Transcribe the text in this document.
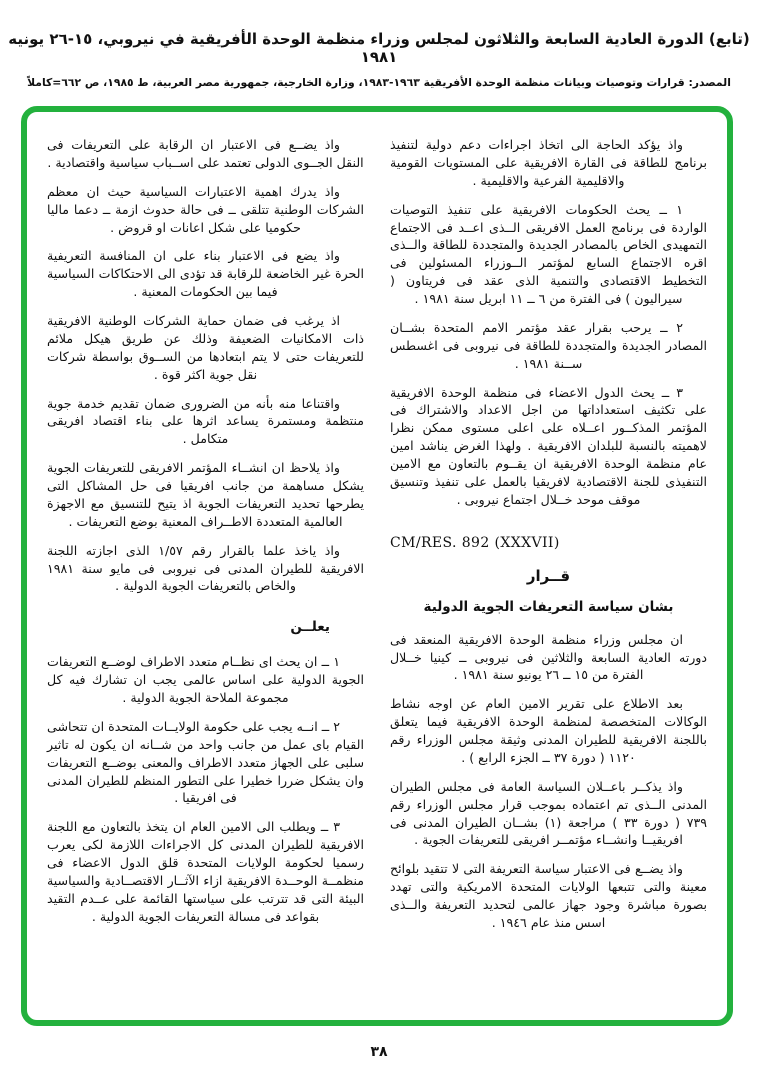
(تابع) الدورة العادية السابعة والثلاثون لمجلس وزراء منظمة الوحدة الأفريقية في نيروبي، ١٥-٢٦ يونيه ١٩٨١
المصدر: قرارات وتوصيات وبيانات منظمة الوحدة الأفريقية ١٩٦٣-١٩٨٣، وزارة الخارجية، جمهورية مصر العربية، ط ١٩٨٥، ص ٦٦٢=كاملاً

واذ يؤكد الحاجة الى اتخاذ اجراءات دعم دولية لتنفيذ برنامج للطاقة فى القارة الافريقية على المستويات القومية والاقليمية الفرعية والاقليمية .

١ ــ يحث الحكومات الافريقية على تنفيذ التوصيات الواردة فى برنامج العمل الافريقى الــذى اعــد فى الاجتماع التمهيدى الخاص بالمصادر الجديدة والمتجددة للطاقة والــذى اقره الاجتماع السابع لمؤتمر الــوزراء المسئولين فى التخطيط الاقتصادى والتنمية الذى عقد فى فريتاون ( سيراليون ) فى الفترة من ٦ ــ ١١ ابريل سنة ١٩٨١ .

٢ ــ يرحب بقرار عقد مؤتمر الامم المتحدة بشــان المصادر الجديدة والمتجددة للطاقة فى نيروبى فى اغسطس ســنة ١٩٨١ .

٣ ــ يحث الدول الاعضاء فى منظمة الوحدة الافريقية على تكثيف استعداداتها من اجل الاعداد والاشتراك فى المؤتمر المذكــور اعــلاه على اعلى مستوى ممكن نظرا لاهميته بالنسبة للبلدان الافريقية . ولهذا الغرض يناشد امين عام منظمة الوحدة الافريقية ان يقــوم بالتعاون مع الامين التنفيذى للجنة الاقتصادية لافريقيا بالعمل على تنفيذ وتنسيق موقف موحد خــلال اجتماع نيروبى .

CM/RES. 892 (XXXVII)
قــرار
بشان سياسة التعريفات الجوية الدولية

ان مجلس وزراء منظمة الوحدة الافريقية المنعقد فى دورته العادية السابعة والثلاثين فى نيروبى ــ كينيا خــلال الفترة من ١٥ ــ ٢٦ يونيو سنة ١٩٨١ .

بعد الاطلاع على تقرير الامين العام عن اوجه نشاط الوكالات المتخصصة لمنظمة الوحدة الافريقية فيما يتعلق باللجنة الافريقية للطيران المدنى وثيقة مجلس الوزراء رقم ١١٢٠ ( دورة ٣٧ ــ الجزء الرابع ) .

واذ يذكــر باعــلان السياسة العامة فى مجلس الطيران المدنى الــذى تم اعتماده بموجب قرار مجلس الوزراء رقم ٧٣٩ ( دورة ٣٣ ) مراجعة (١) بشــان الطيران المدنى فى افريقيــا وانشــاء مؤتمــر افريقى للتعريفات الجوية .

واذ يضــع فى الاعتبار سياسة التعريفة التى لا تتقيد بلوائح معينة والتى تتبعها الولايات المتحدة الامريكية والتى تهدد بصورة مباشرة وجود جهاز عالمى لتحديد التعريفة والــذى اسس منذ عام ١٩٤٦ .

واذ يضــع فى الاعتبار ان الرقابة على التعريفات فى النقل الجــوى الدولى تعتمد على اســباب سياسية واقتصادية .

واذ يدرك اهمية الاعتبارات السياسية حيث ان معظم الشركات الوطنية تتلقى ــ فى حالة حدوث ازمة ــ دعما ماليا حكوميا على شكل اعانات او قروض .

واذ يضع فى الاعتبار بناء على ان المنافسة التعريفية الحرة غير الخاضعة للرقابة قد تؤدى الى الاحتكاكات السياسية فيما بين الحكومات المعنية .

اذ يرغب فى ضمان حماية الشركات الوطنية الافريقية ذات الامكانيات الضعيفة وذلك عن طريق هيكل ملائم للتعريفات حتى لا يتم ابتعادها من الســوق بواسطة شركات نقل جوية اكثر قوة .

واقتناعا منه بأنه من الضرورى ضمان تقديم خدمة جوية منتظمة ومستمرة يساعد اثرها على بناء اقتصاد افريقى متكامل .

واذ يلاحظ ان انشــاء المؤتمر الافريقى للتعريفات الجوية يشكل مساهمة من جانب افريقيا فى حل المشاكل التى يطرحها تحديد التعريفات الجوية اذ يتيح للتنسيق مع الاجهزة العالمية المتعددة الاطــراف المعنية بوضع التعريفات .

واذ ياخذ علما بالقرار رقم ١/٥٧ الذى اجازته اللجنة الافريقية للطيران المدنى فى نيروبى فى مايو سنة ١٩٨١ والخاص بالتعريفات الجوية الدولية .

يعلــن

١ ــ ان يحث اى نظــام متعدد الاطراف لوضــع التعريفات الجوية الدولية على اساس عالمى يجب ان تشارك فيه كل مجموعة الملاحة الجوية الدولية .

٢ ــ انــه يجب على حكومة الولايــات المتحدة ان تتحاشى القيام باى عمل من جانب واحد من شــانه ان يكون له تاثير سلبى على الجهاز متعدد الاطراف والمعنى بوضــع التعريفات وان يشكل ضررا خطيرا على التطور المنظم للطيران المدنى فى افريقيا .

٣ ــ ويطلب الى الامين العام ان يتخذ بالتعاون مع اللجنة الافريقية للطيران المدنى كل الاجراءات اللازمة لكى يعرب رسميا لحكومة الولايات المتحدة قلق الدول الاعضاء فى منظمــة الوحــدة الافريقية ازاء الآثــار الاقتصــادية والسياسية البيئة التى قد تترتب على سياستها القائمة على عــدم التقيد بقواعد فى مسالة التعريفات الجوية الدولية .

٣٨
